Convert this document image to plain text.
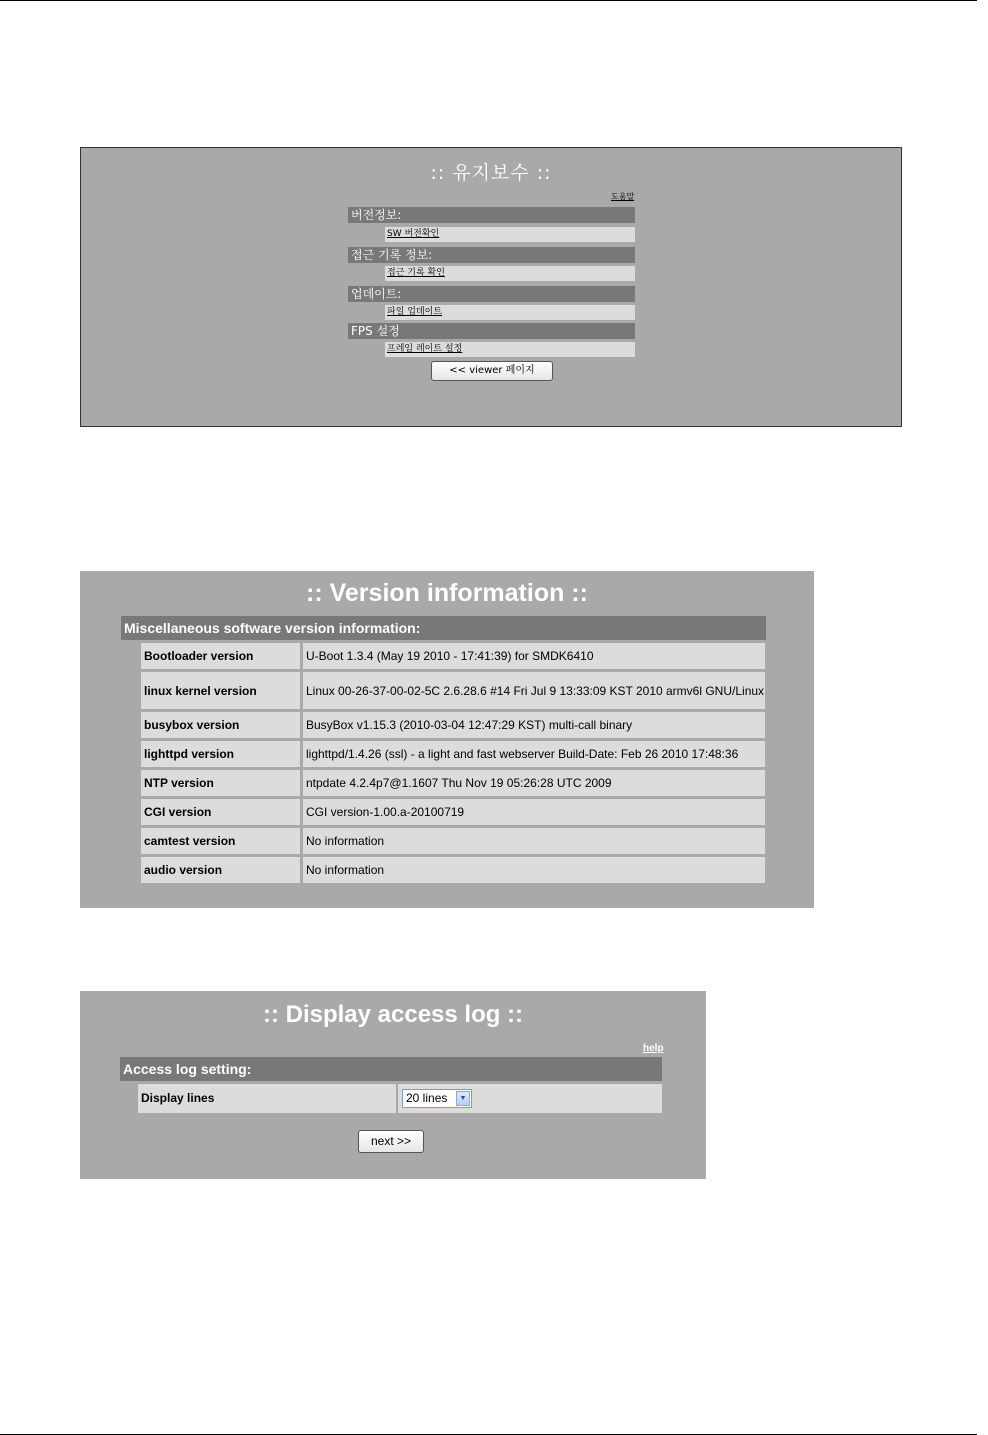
:: 유지보수 ::
도움말
버전정보:
SW 버전확인
접근 기록 정보:
접근 기록 확인
업데이트:
파일 업데이트
FPS 설정
프레임 레이트 설정
<< viewer 페이지
:: Version information ::
Miscellaneous software version information:
Bootloader version	U-Boot 1.3.4 (May 19 2010 - 17:41:39) for SMDK6410
linux kernel version	Linux 00-26-37-00-02-5C 2.6.28.6 #14 Fri Jul 9 13:33:09 KST 2010 armv6l GNU/Linux
busybox version	BusyBox v1.15.3 (2010-03-04 12:47:29 KST) multi-call binary
lighttpd version	lighttpd/1.4.26 (ssl) - a light and fast webserver Build-Date: Feb 26 2010 17:48:36
NTP version	ntpdate 4.2.4p7@1.1607 Thu Nov 19 05:26:28 UTC 2009
CGI version	CGI version-1.00.a-20100719
camtest version	No information
audio version	No information
:: Display access log ::
help
Access log setting:
Display lines	20 lines	▼
next >>
